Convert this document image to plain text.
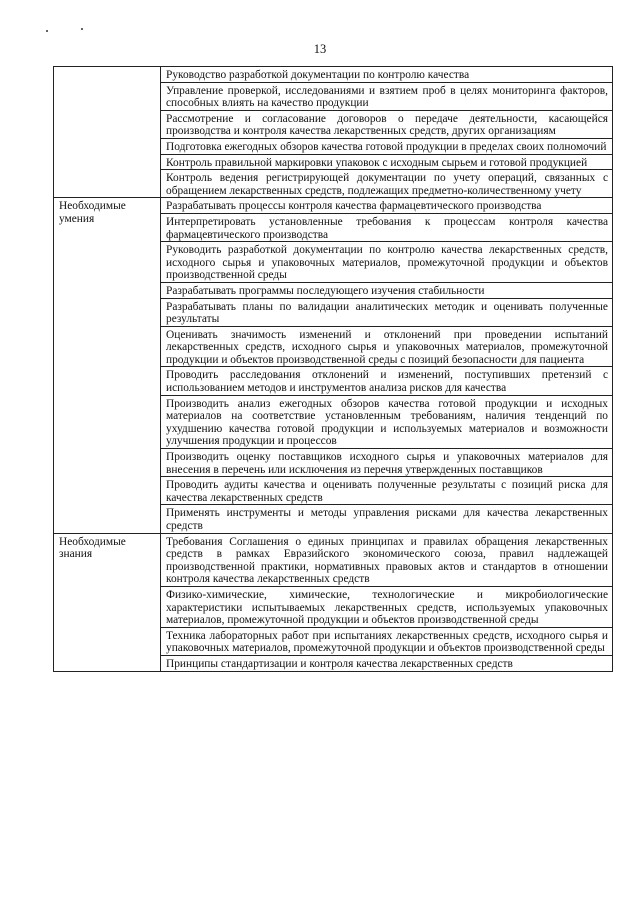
13
	Руководство разработкой документации по контролю качества
	Управление проверкой, исследованиями и взятием проб в целях мониторинга факторов, способных влиять на качество продукции
	Рассмотрение и согласование договоров о передаче деятельности, касающейся производства и контроля качества лекарственных средств, других организациям
	Подготовка ежегодных обзоров качества готовой продукции в пределах своих полномочий
	Контроль правильной маркировки упаковок с исходным сырьем и готовой продукцией
	Контроль ведения регистрирующей документации по учету операций, связанных с обращением лекарственных средств, подлежащих предметно-количественному учету
Необходимые умения	Разрабатывать процессы контроля качества фармацевтического производства
	Интерпретировать установленные требования к процессам контроля качества фармацевтического производства
	Руководить разработкой документации по контролю качества лекарственных средств, исходного сырья и упаковочных материалов, промежуточной продукции и объектов производственной среды
	Разрабатывать программы последующего изучения стабильности
	Разрабатывать планы по валидации аналитических методик и оценивать полученные результаты
	Оценивать значимость изменений и отклонений при проведении испытаний лекарственных средств, исходного сырья и упаковочных материалов, промежуточной продукции и объектов производственной среды с позиций безопасности для пациента
	Проводить расследования отклонений и изменений, поступивших претензий с использованием методов и инструментов анализа рисков для качества
	Производить анализ ежегодных обзоров качества готовой продукции и исходных материалов на соответствие установленным требованиям, наличия тенденций по ухудшению качества готовой продукции и используемых материалов и возможности улучшения продукции и процессов
	Производить оценку поставщиков исходного сырья и упаковочных материалов для внесения в перечень или исключения из перечня утвержденных поставщиков
	Проводить аудиты качества и оценивать полученные результаты с позиций риска для качества лекарственных средств
	Применять инструменты и методы управления рисками для качества лекарственных средств
Необходимые знания	Требования Соглашения о единых принципах и правилах обращения лекарственных средств в рамках Евразийского экономического союза, правил надлежащей производственной практики, нормативных правовых актов и стандартов в отношении контроля качества лекарственных средств
	Физико-химические, химические, технологические и микробиологические характеристики испытываемых лекарственных средств, используемых упаковочных материалов, промежуточной продукции и объектов производственной среды
	Техника лабораторных работ при испытаниях лекарственных средств, исходного сырья и упаковочных материалов, промежуточной продукции и объектов производственной среды
	Принципы стандартизации и контроля качества лекарственных средств
